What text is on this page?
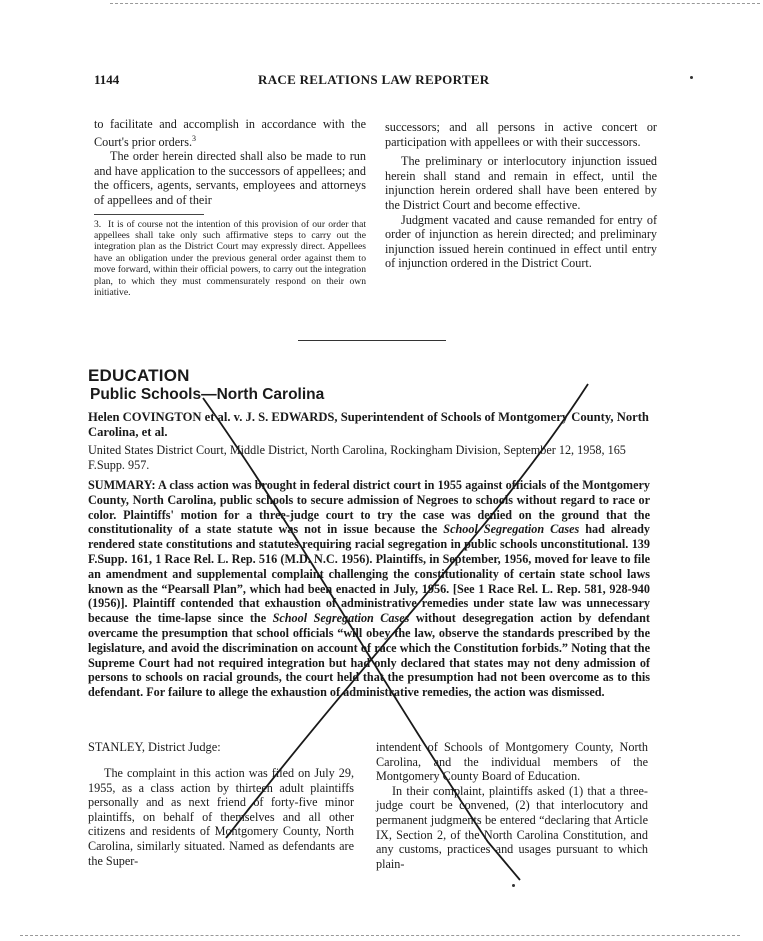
1144	RACE RELATIONS LAW REPORTER

to facilitate and accomplish in accordance with the Court's prior orders.$^3$

The order herein directed shall also be made to run and have application to the successors of appellees; and the officers, agents, servants, employees and attorneys of appellees and of their

3. It is of course not the intention of this provision of our order that appellees shall take only such affirmative steps to carry out the integration plan as the District Court may expressly direct. Appellees have an obligation under the previous general order against them to move forward, within their official powers, to carry out the integration plan, to which they must commensurately respond on their own initiative.

successors; and all persons in active concert or participation with appellees or with their successors.

The preliminary or interlocutory injunction issued herein shall stand and remain in effect, until the injunction herein ordered shall have been entered by the District Court and become effective.

Judgment vacated and cause remanded for entry of order of injunction as herein directed; and preliminary injunction issued herein continued in effect until entry of injunction ordered in the District Court.

EDUCATION
Public Schools—North Carolina
Helen COVINGTON et al. v. J. S. EDWARDS, Superintendent of Schools of Montgomery County, North Carolina, et al.
United States District Court, Middle District, North Carolina, Rockingham Division, September 12, 1958, 165 F.Supp. 957.
SUMMARY: A class action was brought in federal district court in 1955 against officials of the Montgomery County, North Carolina, public schools to secure admission of Negroes to schools without regard to race or color. Plaintiffs' motion for a three-judge court to try the case was denied on the ground that the constitutionality of a state statute was not in issue because the School Segregation Cases had already rendered state constitutions and statutes requiring racial segregation in public schools unconstitutional. 139 F.Supp. 161, 1 Race Rel. L. Rep. 516 (M.D. N.C. 1956). Plaintiffs, in September, 1956, moved for leave to file an amendment and supplemental complaint challenging the constitutionality of certain state school laws known as the “Pearsall Plan”, which had been enacted in July, 1956. [See 1 Race Rel. L. Rep. 581, 928-940 (1956)]. Plaintiff contended that exhaustion of administrative remedies under state law was unnecessary because the time-lapse since the School Segregation Cases without desegregation action by defendant overcame the presumption that school officials “will obey the law, observe the standards prescribed by the legislature, and avoid the discrimination on account of race which the Constitution forbids.” Noting that the Supreme Court had not required integration but had only declared that states may not deny admission of persons to schools on racial grounds, the court held that the presumption had not been overcome as to this defendant. For failure to allege the exhaustion of administrative remedies, the action was dismissed.
STANLEY, District Judge:

The complaint in this action was filed on July 29, 1955, as a class action by thirteen adult plaintiffs personally and as next friend of forty-five minor plaintiffs, on behalf of themselves and all other citizens and residents of Montgomery County, North Carolina, similarly situated. Named as defendants are the Super-

intendent of Schools of Montgomery County, North Carolina, and the individual members of the Montgomery County Board of Education.

In their complaint, plaintiffs asked (1) that a three-judge court be convened, (2) that interlocutory and permanent judgments be entered “declaring that Article IX, Section 2, of the North Carolina Constitution, and any customs, practices and usages pursuant to which plain-
